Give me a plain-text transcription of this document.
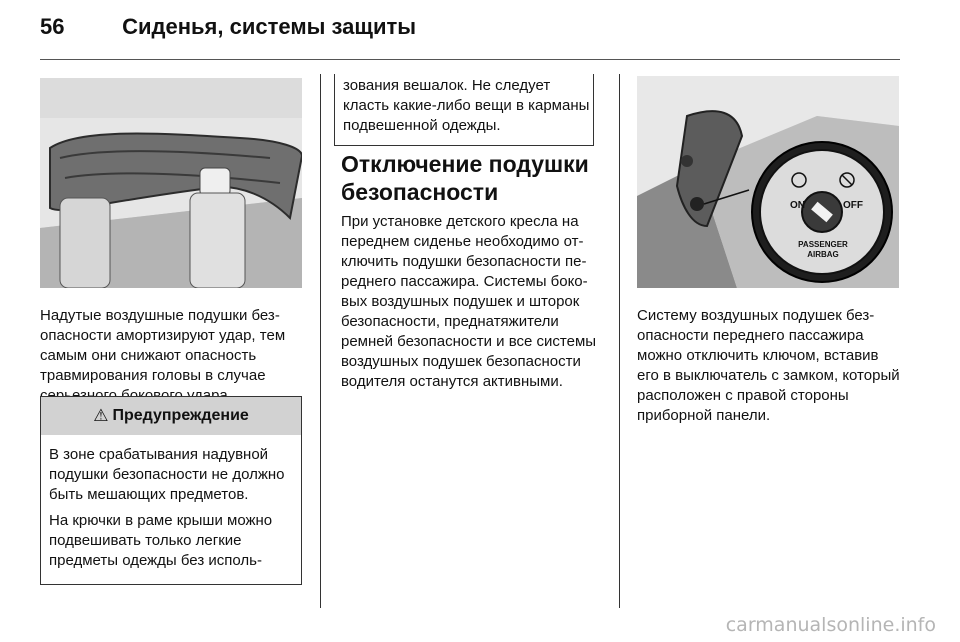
56	Сиденья, системы защиты

Надутые воздушные подушки безопасности амортизируют удар, тем самым они снижают опасность травмирования головы в случае

⚠ Предупреждение

В зоне срабатывания надувной подушки безопасности не должно быть мешающих предметов.

На крючки в раме крыши можно подвешивать только легкие предметы одежды без исполь-

зования вешалок. Не следует класть какие-либо вещи в карманы подвешенной одежды.
Отключение подушки безопасности

При установке детского кресла на переднем сиденье необходимо отключить подушки безопасности переднего пассажира. Системы боковых воздушных подушек и шторок безопасности, преднатяжители ремней безопасности и все системы воздушных подушек безопасности водителя останутся активными.

ON	OFF
PASSENGER
AIRBAG

Систему воздушных подушек безопасности переднего пассажира можно отключить ключом, вставив его в выключатель с замком, который расположен с правой стороны приборной панели.

carmanualsonline.info
